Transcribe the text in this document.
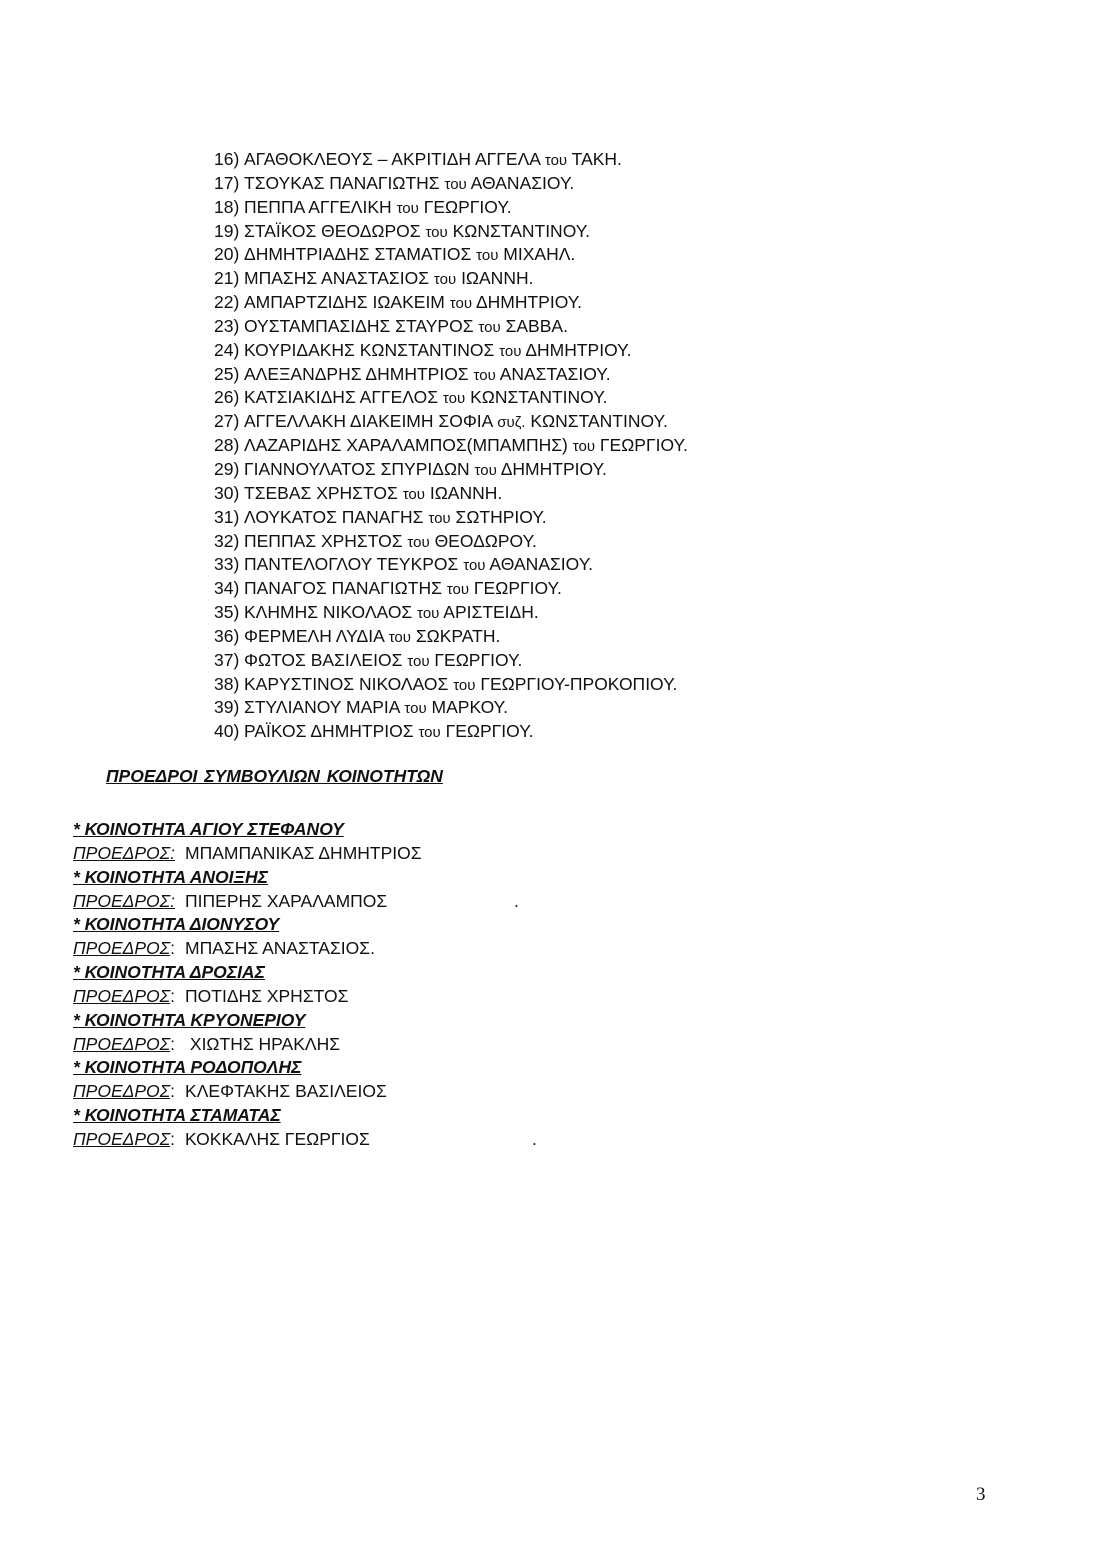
16) ΑΓΑΘΟΚΛΕΟΥΣ – ΑΚΡΙΤΙΔΗ ΑΓΓΕΛΑ του ΤΑΚΗ.
17) ΤΣΟΥΚΑΣ ΠΑΝΑΓΙΩΤΗΣ του ΑΘΑΝΑΣΙΟΥ.
18) ΠΕΠΠΑ ΑΓΓΕΛΙΚΗ του ΓΕΩΡΓΙΟΥ.
19) ΣΤΑΪΚΟΣ ΘΕΟΔΩΡΟΣ του ΚΩΝΣΤΑΝΤΙΝΟΥ.
20) ΔΗΜΗΤΡΙΑΔΗΣ ΣΤΑΜΑΤΙΟΣ του ΜΙΧΑΗΛ.
21) ΜΠΑΣΗΣ ΑΝΑΣΤΑΣΙΟΣ του ΙΩΑΝΝΗ.
22) ΑΜΠΑΡΤΖΙΔΗΣ ΙΩΑΚΕΙΜ του ΔΗΜΗΤΡΙΟΥ.
23) ΟΥΣΤΑΜΠΑΣΙΔΗΣ ΣΤΑΥΡΟΣ του ΣΑΒΒΑ.
24) ΚΟΥΡΙΔΑΚΗΣ ΚΩΝΣΤΑΝΤΙΝΟΣ του ΔΗΜΗΤΡΙΟΥ.
25) ΑΛΕΞΑΝΔΡΗΣ ΔΗΜΗΤΡΙΟΣ του ΑΝΑΣΤΑΣΙΟΥ.
26) ΚΑΤΣΙΑΚΙΔΗΣ ΑΓΓΕΛΟΣ του ΚΩΝΣΤΑΝΤΙΝΟΥ.
27) ΑΓΓΕΛΛΑΚΗ ΔΙΑΚΕΙΜΗ ΣΟΦΙΑ συζ. ΚΩΝΣΤΑΝΤΙΝΟΥ.
28) ΛΑΖΑΡΙΔΗΣ ΧΑΡΑΛΑΜΠΟΣ(ΜΠΑΜΠΗΣ) του ΓΕΩΡΓΙΟΥ.
29) ΓΙΑΝΝΟΥΛΑΤΟΣ ΣΠΥΡΙΔΩΝ του ΔΗΜΗΤΡΙΟΥ.
30) ΤΣΕΒΑΣ ΧΡΗΣΤΟΣ του ΙΩΑΝΝΗ.
31) ΛΟΥΚΑΤΟΣ ΠΑΝΑΓΗΣ του ΣΩΤΗΡΙΟΥ.
32) ΠΕΠΠΑΣ ΧΡΗΣΤΟΣ του ΘΕΟΔΩΡΟΥ.
33) ΠΑΝΤΕΛΟΓΛΟΥ ΤΕΥΚΡΟΣ του ΑΘΑΝΑΣΙΟΥ.
34) ΠΑΝΑΓΟΣ ΠΑΝΑΓΙΩΤΗΣ του ΓΕΩΡΓΙΟΥ.
35) ΚΛΗΜΗΣ ΝΙΚΟΛΑΟΣ του ΑΡΙΣΤΕΙΔΗ.
36) ΦΕΡΜΕΛΗ ΛΥΔΙΑ του ΣΩΚΡΑΤΗ.
37) ΦΩΤΟΣ ΒΑΣΙΛΕΙΟΣ του ΓΕΩΡΓΙΟΥ.
38) ΚΑΡΥΣΤΙΝΟΣ ΝΙΚΟΛΑΟΣ του ΓΕΩΡΓΙΟΥ-ΠΡΟΚΟΠΙΟΥ.
39) ΣΤΥΛΙΑΝΟΥ ΜΑΡΙΑ του ΜΑΡΚΟΥ.
40) ΡΑΪΚΟΣ ΔΗΜΗΤΡΙΟΣ του ΓΕΩΡΓΙΟΥ.
ΠΡΟΕΔΡΟΙ ΣΥΜΒΟΥΛΙΩΝ ΚΟΙΝΟΤΗΤΩΝ
* ΚΟΙΝΟΤΗΤΑ ΑΓΙΟΥ ΣΤΕΦΑΝΟΥ
ΠΡΟΕΔΡΟΣ: ΜΠΑΜΠΑΝΙΚΑΣ ΔΗΜΗΤΡΙΟΣ
* ΚΟΙΝΟΤΗΤΑ ΑΝΟΙΞΗΣ
ΠΡΟΕΔΡΟΣ: ΠΙΠΕΡΗΣ ΧΑΡΑΛΑΜΠΟΣ	.
* ΚΟΙΝΟΤΗΤΑ ΔΙΟΝΥΣΟΥ
ΠΡΟΕΔΡΟΣ: ΜΠΑΣΗΣ ΑΝΑΣΤΑΣΙΟΣ.
* ΚΟΙΝΟΤΗΤΑ ΔΡΟΣΙΑΣ
ΠΡΟΕΔΡΟΣ: ΠΟΤΙΔΗΣ ΧΡΗΣΤΟΣ
* ΚΟΙΝΟΤΗΤΑ ΚΡΥΟΝΕΡΙΟΥ
ΠΡΟΕΔΡΟΣ: ΧΙΩΤΗΣ ΗΡΑΚΛΗΣ
* ΚΟΙΝΟΤΗΤΑ ΡΟΔΟΠΟΛΗΣ
ΠΡΟΕΔΡΟΣ: ΚΛΕΦΤΑΚΗΣ ΒΑΣΙΛΕΙΟΣ
* ΚΟΙΝΟΤΗΤΑ ΣΤΑΜΑΤΑΣ
ΠΡΟΕΔΡΟΣ: ΚΟΚΚΑΛΗΣ ΓΕΩΡΓΙΟΣ	.
3
